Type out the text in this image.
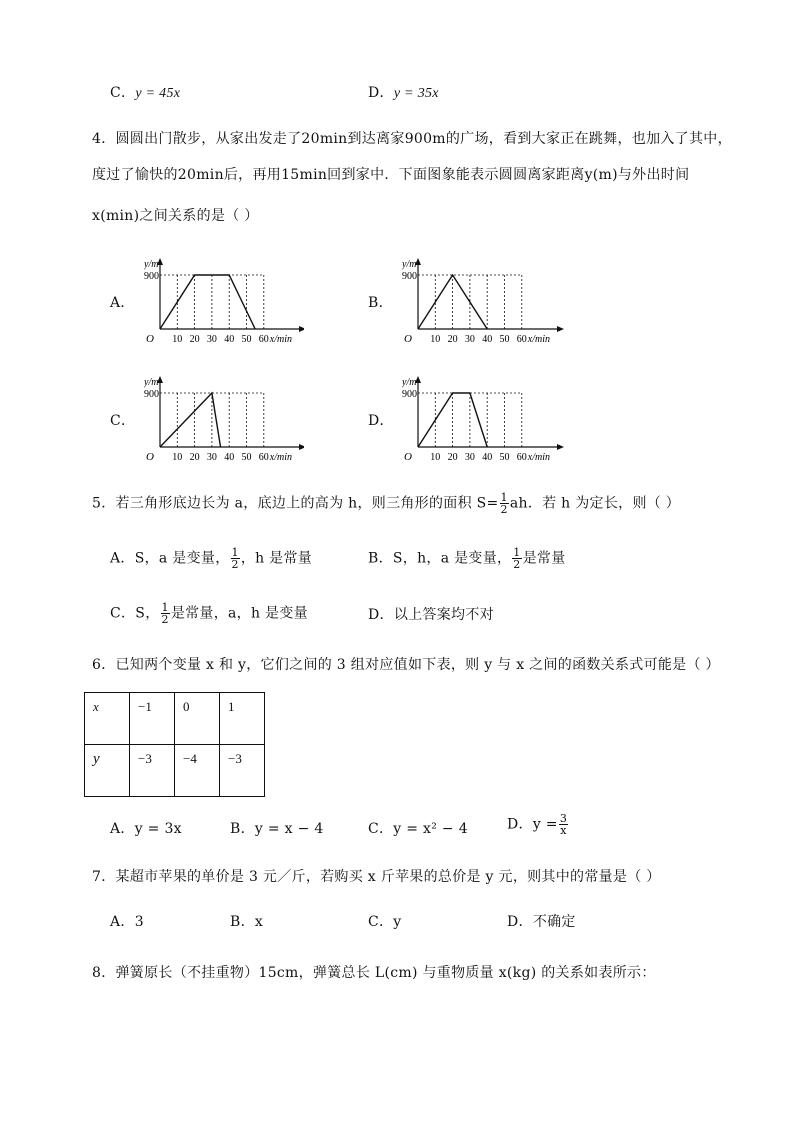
C．y = 45x	D．y = 35x
4．圆圆出门散步，从家出发走了20min到达离家900m的广场，看到大家正在跳舞，也加入了其中，
度过了愉快的20min后，再用15min回到家中．下面图象能表示圆圆离家距离y(m)与外出时间
x(min)之间关系的是（ ）
A．
10 20 30 40 50 60
O
900
y/m
x/min
B．
10 20 30 40 50 60
O
900
y/m
x/min
C．
10 20 30 40 50 60
O
900
y/m
x/min
D．
10 20 30 40 50 60
O
900
y/m
x/min
5．若三角形底边长为 a，底边上的高为 h，则三角形的面积 $S= \frac{1}{2}$ ah．若 h 为定长，则（ ）
A．S，a 是变量， $\frac{1}{2}$ ，h 是常量	B．S，h，a 是变量， $\frac{1}{2}$ 是常量
C．S， $\frac{1}{2}$ 是常量，a，h 是变量	D．以上答案均不对
6．已知两个变量 x 和 y，它们之间的 3 组对应值如下表，则 y 与 x 之间的函数关系式可能是（ ）
x	−1	0	1
y	−3	−4	−3
A．y = 3x	B．y = x − 4	C．y = x² − 4	D．$y = \frac{3}{x}$
7．某超市苹果的单价是 3 元／斤，若购买 x 斤苹果的总价是 y 元，则其中的常量是（ ）
A．3	B．x	C．y	D．不确定
8．弹簧原长（不挂重物）15cm，弹簧总长 L(cm) 与重物质量 x(kg) 的关系如表所示：
